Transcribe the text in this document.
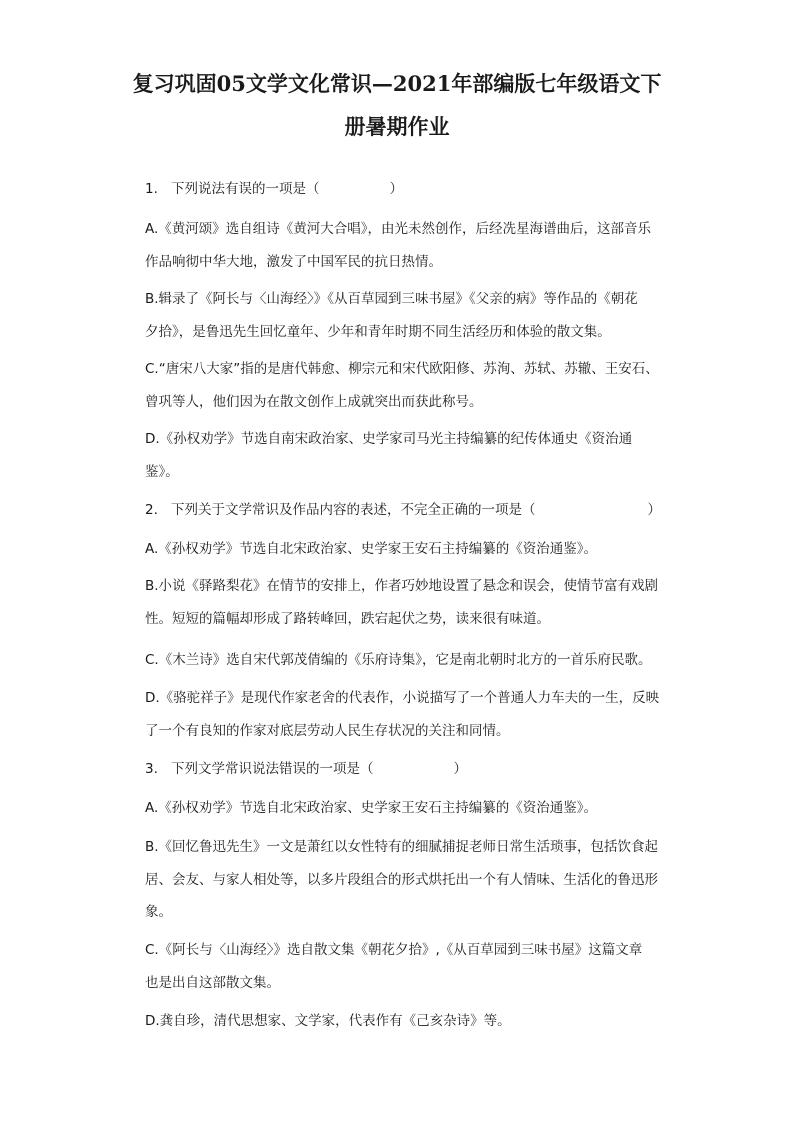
复习巩固05文学文化常识—2021年部编版七年级语文下
册暑期作业
1. 下列说法有误的一项是（	）
A.《黄河颂》选自组诗《黄河大合唱》，由光未然创作，后经冼星海谱曲后，这部音乐
作品响彻中华大地，激发了中国军民的抗日热情。
B.辑录了《阿长与〈山海经〉》《从百草园到三味书屋》《父亲的病》等作品的《朝花
夕拾》，是鲁迅先生回忆童年、少年和青年时期不同生活经历和体验的散文集。
C.“唐宋八大家”指的是唐代韩愈、柳宗元和宋代欧阳修、苏洵、苏轼、苏辙、王安石、
曾巩等人，他们因为在散文创作上成就突出而获此称号。
D.《孙权劝学》节选自南宋政治家、史学家司马光主持编纂的纪传体通史《资治通
鉴》。
2. 下列关于文学常识及作品内容的表述，不完全正确的一项是（	）
A.《孙权劝学》节选自北宋政治家、史学家王安石主持编纂的《资治通鉴》。
B.小说《驿路梨花》在情节的安排上，作者巧妙地设置了悬念和误会，使情节富有戏剧
性。短短的篇幅却形成了路转峰回，跌宕起伏之势，读来很有味道。
C.《木兰诗》选自宋代郭茂倩编的《乐府诗集》，它是南北朝时北方的一首乐府民歌。
D.《骆驼祥子》是现代作家老舍的代表作，小说描写了一个普通人力车夫的一生，反映
了一个有良知的作家对底层劳动人民生存状况的关注和同情。
3. 下列文学常识说法错误的一项是（	）
A.《孙权劝学》节选自北宋政治家、史学家王安石主持编纂的《资治通鉴》。
B.《回忆鲁迅先生》一文是萧红以女性特有的细腻捕捉老师日常生活琐事，包括饮食起
居、会友、与家人相处等，以多片段组合的形式烘托出一个有人情味、生活化的鲁迅形
象。
C.《阿长与〈山海经〉》选自散文集《朝花夕拾》,《从百草园到三味书屋》这篇文章
也是出自这部散文集。
D.龚自珍，清代思想家、文学家，代表作有《己亥杂诗》等。
